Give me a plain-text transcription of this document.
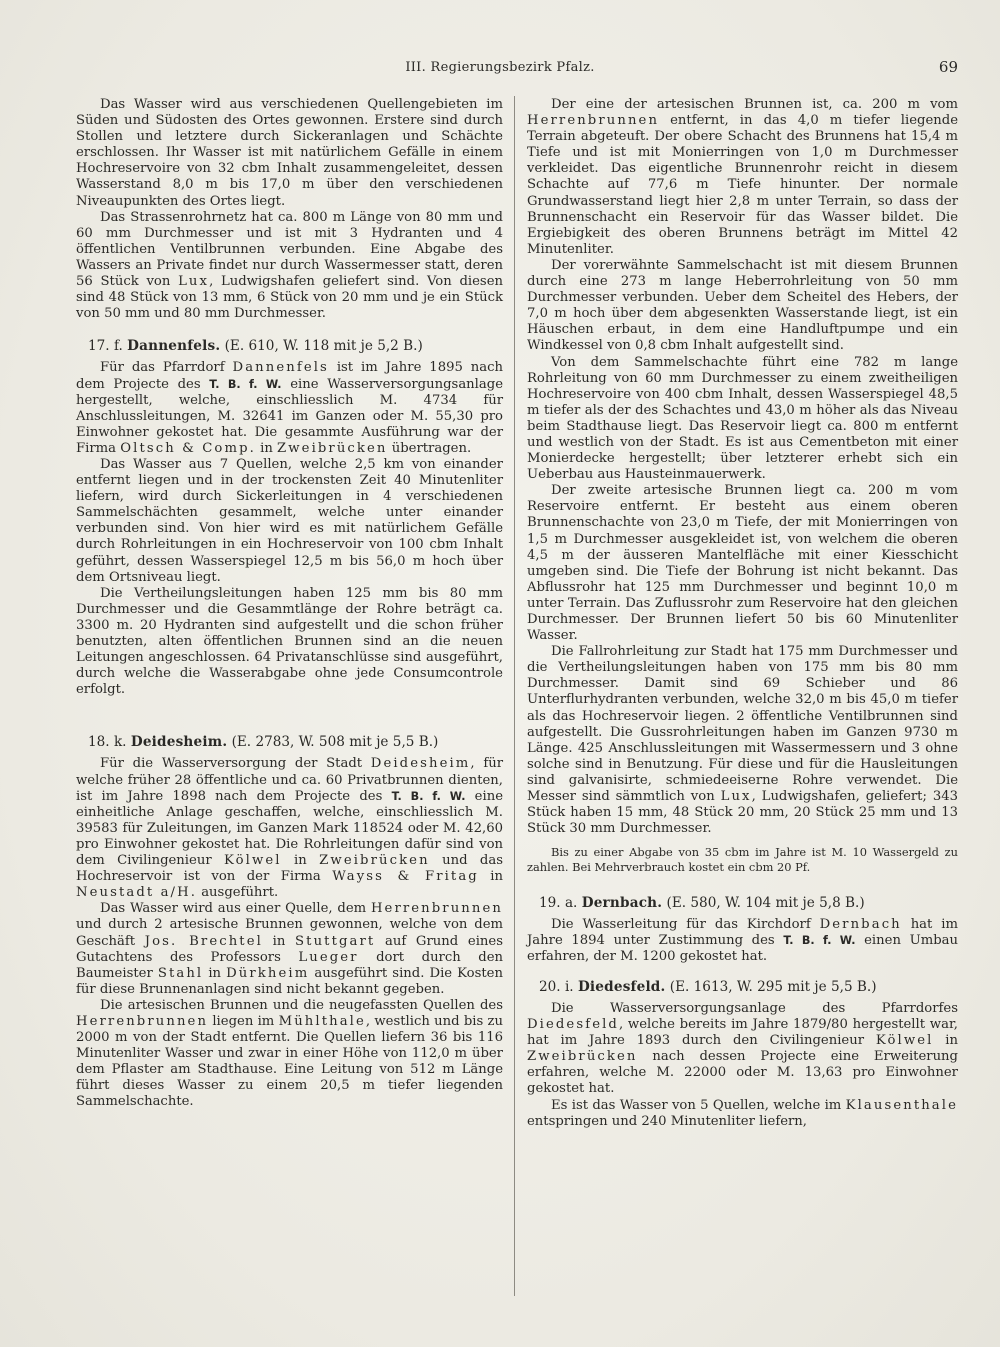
III. Regierungsbezirk Pfalz.	69

Das Wasser wird aus verschiedenen Quellengebieten im Süden und Südosten des Ortes gewonnen. Erstere sind durch Stollen und letztere durch Sickeranlagen und Schächte erschlossen. Ihr Wasser ist mit natürlichem Gefälle in einem Hochreservoire von 32 cbm Inhalt zusammengeleitet, dessen Wasserstand 8,0 m bis 17,0 m über den verschiedenen Niveaupunkten des Ortes liegt.

Das Strassenrohrnetz hat ca. 800 m Länge von 80 mm und 60 mm Durchmesser und ist mit 3 Hydranten und 4 öffentlichen Ventilbrunnen verbunden. Eine Abgabe des Wassers an Private findet nur durch Wassermesser statt, deren 56 Stück von Lux, Ludwigshafen geliefert sind. Von diesen sind 48 Stück von 13 mm, 6 Stück von 20 mm und je ein Stück von 50 mm und 80 mm Durchmesser.

17. f. Dannenfels. (E. 610, W. 118 mit je 5,2 B.)

Für das Pfarrdorf Dannenfels ist im Jahre 1895 nach dem Projecte des T. B. f. W. eine Wasserversorgungsanlage hergestellt, welche, einschliesslich M. 4734 für Anschlussleitungen, M. 32641 im Ganzen oder M. 55,30 pro Einwohner gekostet hat. Die gesammte Ausführung war der Firma Oltsch & Comp. in Zweibrücken übertragen.

Das Wasser aus 7 Quellen, welche 2,5 km von einander entfernt liegen und in der trockensten Zeit 40 Minutenliter liefern, wird durch Sickerleitungen in 4 verschiedenen Sammelschächten gesammelt, welche unter einander verbunden sind. Von hier wird es mit natürlichem Gefälle durch Rohrleitungen in ein Hochreservoir von 100 cbm Inhalt geführt, dessen Wasserspiegel 12,5 m bis 56,0 m hoch über dem Ortsniveau liegt.

Die Vertheilungsleitungen haben 125 mm bis 80 mm Durchmesser und die Gesammtlänge der Rohre beträgt ca. 3300 m. 20 Hydranten sind aufgestellt und die schon früher benutzten, alten öffentlichen Brunnen sind an die neuen Leitungen angeschlossen. 64 Privatanschlüsse sind ausgeführt, durch welche die Wasserabgabe ohne jede Consumcontrole erfolgt.

18. k. Deidesheim. (E. 2783, W. 508 mit je 5,5 B.)

Für die Wasserversorgung der Stadt Deidesheim, für welche früher 28 öffentliche und ca. 60 Privatbrunnen dienten, ist im Jahre 1898 nach dem Projecte des T. B. f. W. eine einheitliche Anlage geschaffen, welche, einschliesslich M. 39583 für Zuleitungen, im Ganzen Mark 118524 oder M. 42,60 pro Einwohner gekostet hat. Die Rohrleitungen dafür sind von dem Civilingenieur Kölwel in Zweibrücken und das Hochreservoir ist von der Firma Wayss & Fritag in Neustadt a/H. ausgeführt.

Das Wasser wird aus einer Quelle, dem Herrenbrunnen und durch 2 artesische Brunnen gewonnen, welche von dem Geschäft Jos. Brechtel in Stuttgart auf Grund eines Gutachtens des Professors Lueger dort durch den Baumeister Stahl in Dürkheim ausgeführt sind. Die Kosten für diese Brunnenanlagen sind nicht bekannt gegeben.

Die artesischen Brunnen und die neugefassten Quellen des Herrenbrunnen liegen im Mühlthale, westlich und bis zu 2000 m von der Stadt entfernt. Die Quellen liefern 36 bis 116 Minutenliter Wasser und zwar in einer Höhe von 112,0 m über dem Pflaster am Stadthause. Eine Leitung von 512 m Länge führt dieses Wasser zu einem 20,5 m tiefer liegenden Sammelschachte.

Der eine der artesischen Brunnen ist, ca. 200 m vom Herrenbrunnen entfernt, in das 4,0 m tiefer liegende Terrain abgeteuft. Der obere Schacht des Brunnens hat 15,4 m Tiefe und ist mit Monierringen von 1,0 m Durchmesser verkleidet. Das eigentliche Brunnenrohr reicht in diesem Schachte auf 77,6 m Tiefe hinunter. Der normale Grundwasserstand liegt hier 2,8 m unter Terrain, so dass der Brunnenschacht ein Reservoir für das Wasser bildet. Die Ergiebigkeit des oberen Brunnens beträgt im Mittel 42 Minutenliter.

Der vorerwähnte Sammelschacht ist mit diesem Brunnen durch eine 273 m lange Heberrohrleitung von 50 mm Durchmesser verbunden. Ueber dem Scheitel des Hebers, der 7,0 m hoch über dem abgesenkten Wasserstande liegt, ist ein Häuschen erbaut, in dem eine Handluftpumpe und ein Windkessel von 0,8 cbm Inhalt aufgestellt sind.

Von dem Sammelschachte führt eine 782 m lange Rohrleitung von 60 mm Durchmesser zu einem zweitheiligen Hochreservoire von 400 cbm Inhalt, dessen Wasserspiegel 48,5 m tiefer als der des Schachtes und 43,0 m höher als das Niveau beim Stadthause liegt. Das Reservoir liegt ca. 800 m entfernt und westlich von der Stadt. Es ist aus Cementbeton mit einer Monierdecke hergestellt; über letzterer erhebt sich ein Ueberbau aus Hausteinmauerwerk.

Der zweite artesische Brunnen liegt ca. 200 m vom Reservoire entfernt. Er besteht aus einem oberen Brunnenschachte von 23,0 m Tiefe, der mit Monierringen von 1,5 m Durchmesser ausgekleidet ist, von welchem die oberen 4,5 m der äusseren Mantelfläche mit einer Kiesschicht umgeben sind. Die Tiefe der Bohrung ist nicht bekannt. Das Abflussrohr hat 125 mm Durchmesser und beginnt 10,0 m unter Terrain. Das Zuflussrohr zum Reservoire hat den gleichen Durchmesser. Der Brunnen liefert 50 bis 60 Minutenliter Wasser.

Die Fallrohrleitung zur Stadt hat 175 mm Durchmesser und die Vertheilungsleitungen haben von 175 mm bis 80 mm Durchmesser. Damit sind 69 Schieber und 86 Unterflurhydranten verbunden, welche 32,0 m bis 45,0 m tiefer als das Hochreservoir liegen. 2 öffentliche Ventilbrunnen sind aufgestellt. Die Gussrohrleitungen haben im Ganzen 9730 m Länge. 425 Anschlussleitungen mit Wassermessern und 3 ohne solche sind in Benutzung. Für diese und für die Hausleitungen sind galvanisirte, schmiedeeiserne Rohre verwendet. Die Messer sind sämmtlich von Lux, Ludwigshafen, geliefert; 343 Stück haben 15 mm, 48 Stück 20 mm, 20 Stück 25 mm und 13 Stück 30 mm Durchmesser.

Bis zu einer Abgabe von 35 cbm im Jahre ist M. 10 Wassergeld zu zahlen. Bei Mehrverbrauch kostet ein cbm 20 Pf.

19. a. Dernbach. (E. 580, W. 104 mit je 5,8 B.)

Die Wasserleitung für das Kirchdorf Dernbach hat im Jahre 1894 unter Zustimmung des T. B. f. W. einen Umbau erfahren, der M. 1200 gekostet hat.

20. i. Diedesfeld. (E. 1613, W. 295 mit je 5,5 B.)

Die Wasserversorgungsanlage des Pfarrdorfes Diedesfeld, welche bereits im Jahre 1879/80 hergestellt war, hat im Jahre 1893 durch den Civilingenieur Kölwel in Zweibrücken nach dessen Projecte eine Erweiterung erfahren, welche M. 22000 oder M. 13,63 pro Einwohner gekostet hat.

Es ist das Wasser von 5 Quellen, welche im Klausenthale entspringen und 240 Minutenliter liefern,
